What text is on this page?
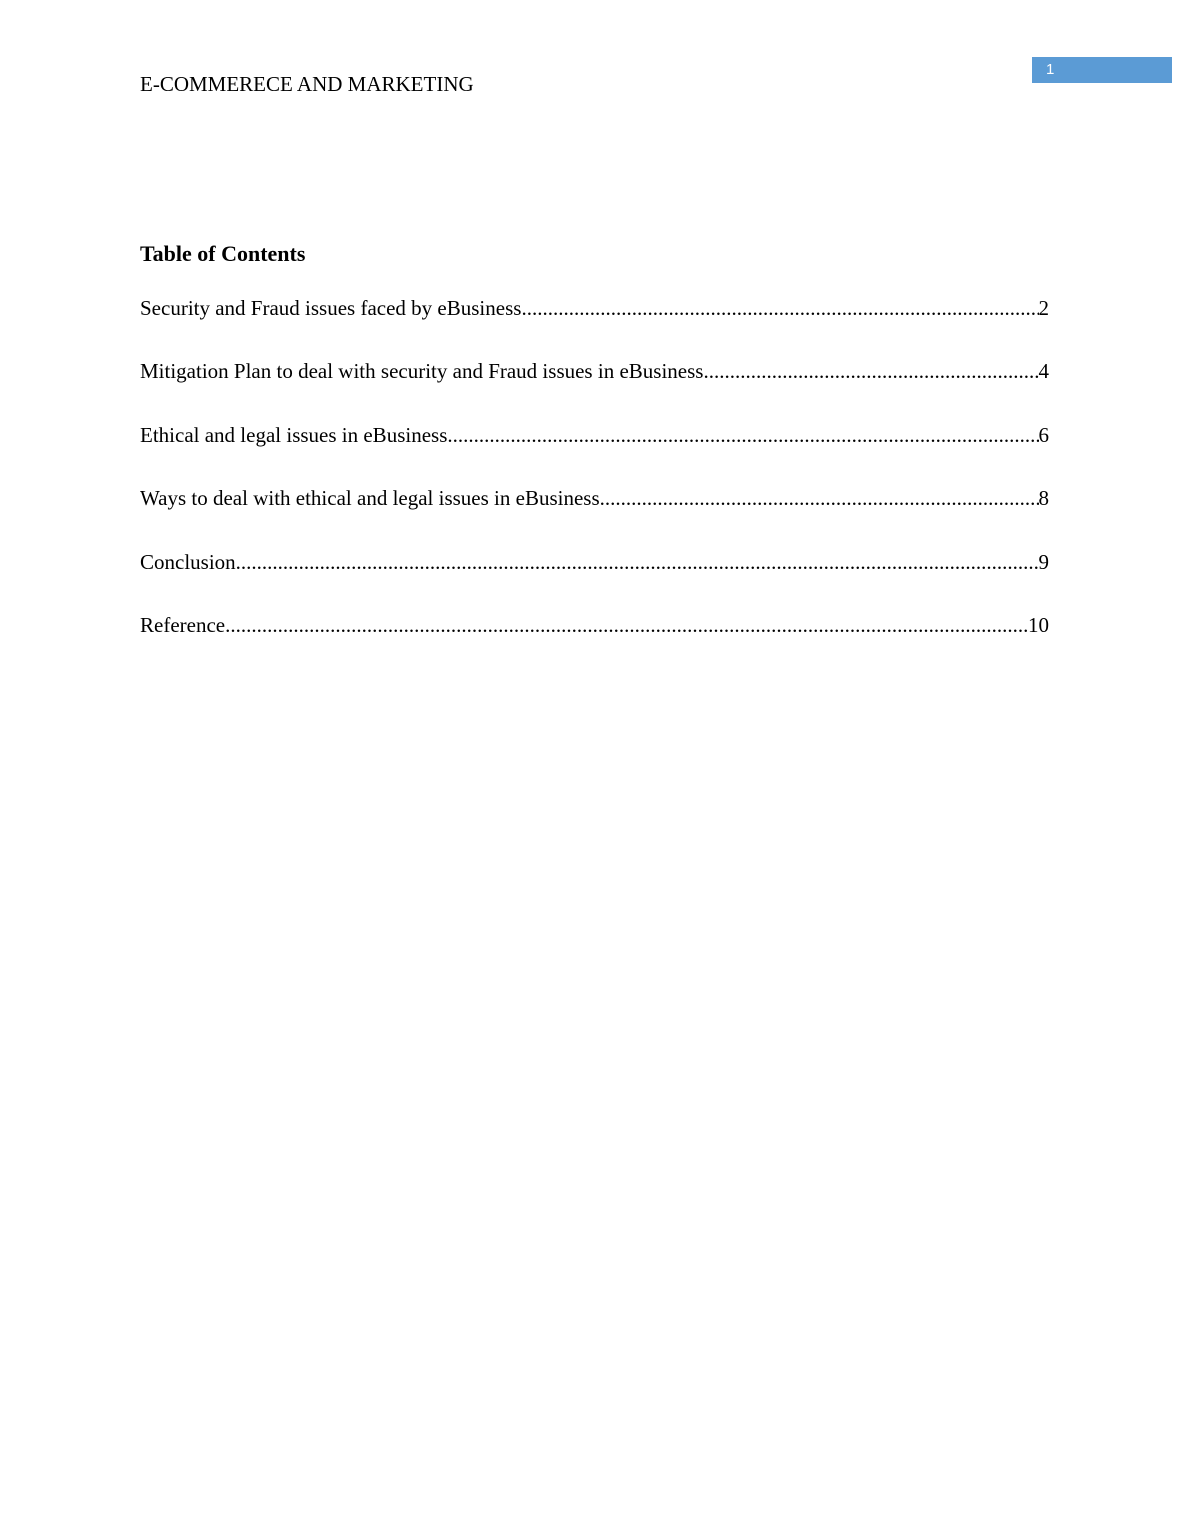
E-COMMERECE AND MARKETING
1
Table of Contents
Security and Fraud issues faced by eBusiness .....	2
Mitigation Plan to deal with security and Fraud issues in eBusiness .....	4
Ethical and legal issues in eBusiness .....	6
Ways to deal with ethical and legal issues in eBusiness .....	8
Conclusion .....	9
Reference .....	10
